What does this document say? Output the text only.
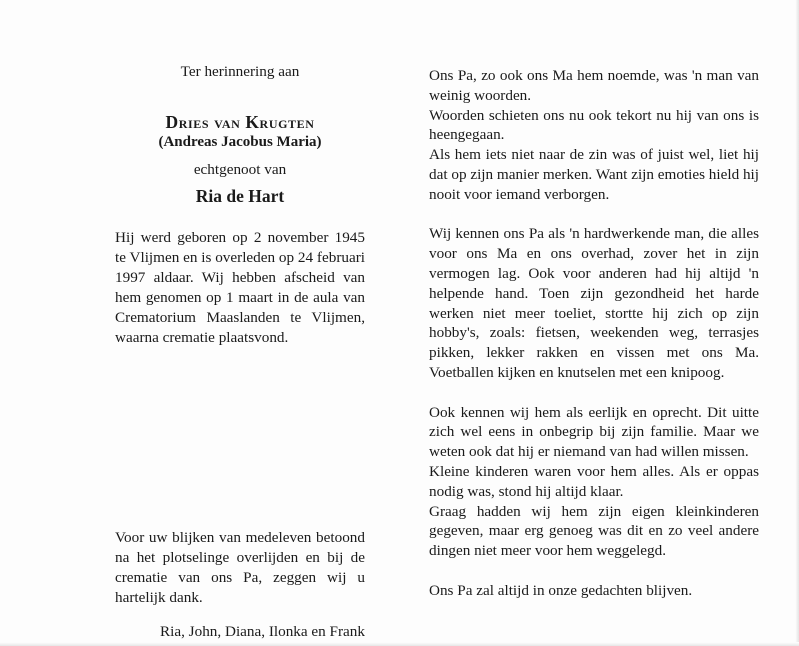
Ter herinnering aan

Dries van Krugten

(Andreas Jacobus Maria)

echtgenoot van

Ria de Hart

Hij werd geboren op 2 november 1945 te Vlijmen en is overleden op 24 februari 1997 aldaar. Wij hebben afscheid van hem genomen op 1 maart in de aula van Crematorium Maaslanden te Vlijmen, waarna crematie plaatsvond.

Voor uw blijken van medeleven betoond na het plotselinge overlijden en bij de crematie van ons Pa, zeggen wij u hartelijk dank.

Ria, John, Diana, Ilonka en Frank

Ons Pa, zo ook ons Ma hem noemde, was 'n man van weinig woorden.

Woorden schieten ons nu ook tekort nu hij van ons is heengegaan.

Als hem iets niet naar de zin was of juist wel, liet hij dat op zijn manier merken. Want zijn emoties hield hij nooit voor iemand verborgen.

Wij kennen ons Pa als 'n hardwerkende man, die alles voor ons Ma en ons overhad, zover het in zijn vermogen lag. Ook voor anderen had hij altijd 'n helpende hand. Toen zijn gezondheid het harde werken niet meer toeliet, stortte hij zich op zijn hobby's, zoals: fietsen, weekenden weg, terrasjes pikken, lekker rakken en vissen met ons Ma. Voetballen kijken en knutselen met een knipoog.

Ook kennen wij hem als eerlijk en oprecht. Dit uitte zich wel eens in onbegrip bij zijn familie. Maar we weten ook dat hij er niemand van had willen missen.

Kleine kinderen waren voor hem alles. Als er oppas nodig was, stond hij altijd klaar.

Graag hadden wij hem zijn eigen kleinkinderen gegeven, maar erg genoeg was dit en zo veel andere dingen niet meer voor hem weggelegd.

Ons Pa zal altijd in onze gedachten blijven.
